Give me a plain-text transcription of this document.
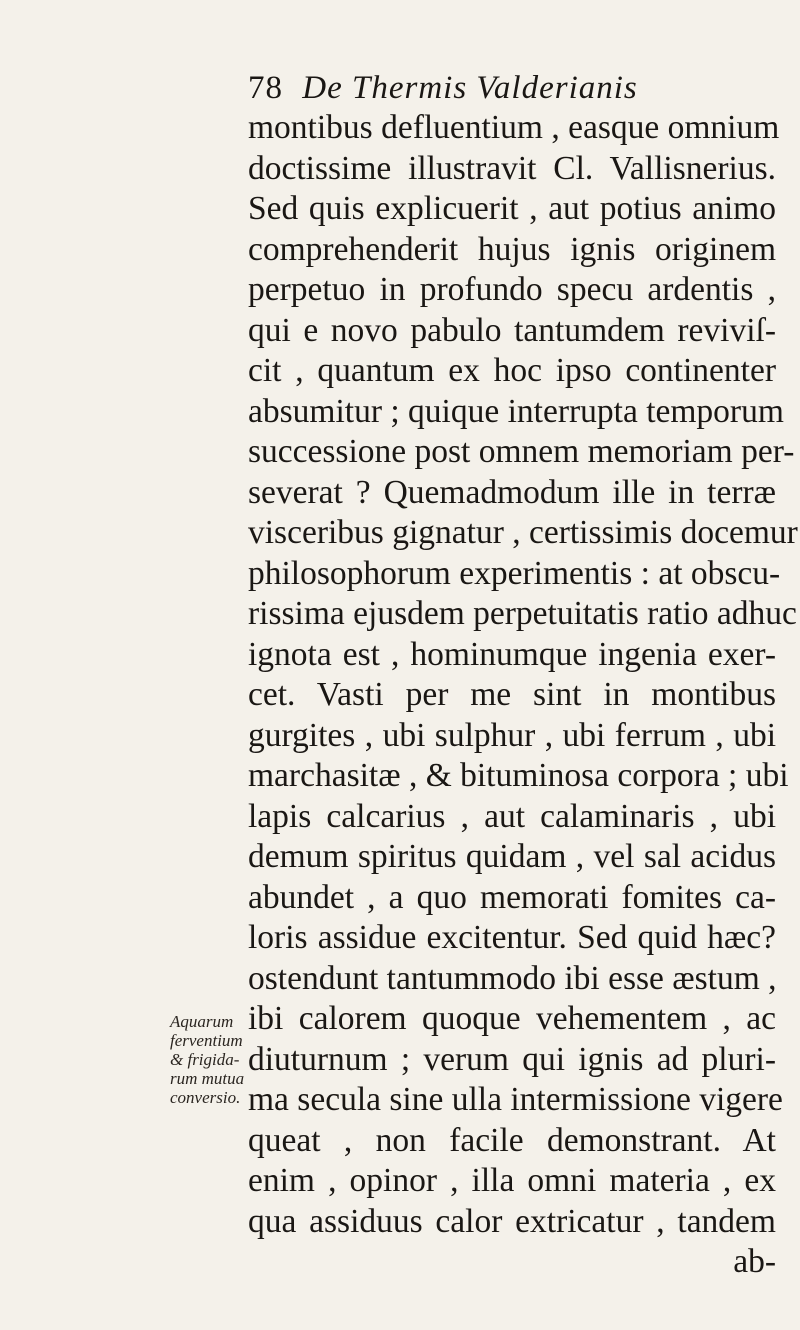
78 De Thermis Valderianis
montibus defluentium , easque omnium
doctissime illustravit Cl. Vallisnerius.
Sed quis explicuerit , aut potius animo
comprehenderit hujus ignis originem
perpetuo in profundo specu ardentis ,
qui e novo pabulo tantumdem reviviſ-
cit , quantum ex hoc ipso continenter
absumitur ; quique interrupta temporum
successione post omnem memoriam per-
severat ? Quemadmodum ille in terræ
visceribus gignatur , certissimis docemur
philosophorum experimentis : at obscu-
rissima ejusdem perpetuitatis ratio adhuc
ignota est , hominumque ingenia exer-
cet. Vasti per me sint in montibus
gurgites , ubi sulphur , ubi ferrum , ubi
marchasitæ , & bituminosa corpora ; ubi
lapis calcarius , aut calaminaris , ubi
demum spiritus quidam , vel sal acidus
abundet , a quo memorati fomites ca-
loris assidue excitentur. Sed quid hæc?
ostendunt tantummodo ibi esse æstum ,
ibi calorem quoque vehementem , ac
diuturnum ; verum qui ignis ad pluri-
ma secula sine ulla intermissione vigere
queat , non facile demonstrant. At
enim , opinor , illa omni materia , ex
qua assiduus calor extricatur , tandem
ab-
Aquarum
ferventium
& frigida-
rum mutua
conversio.
